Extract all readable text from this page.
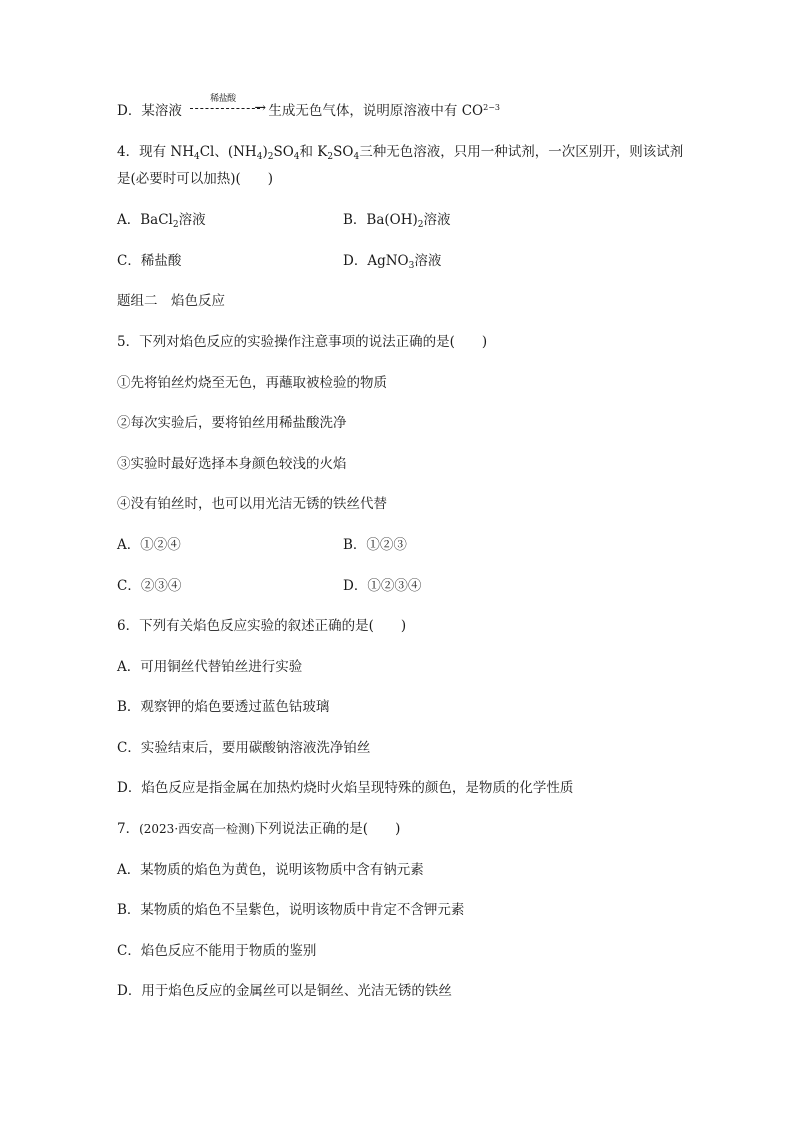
D．某溶液
稀盐酸
→ 生成无色气体，说明原溶液中有 $CO^{2-3}$
4．现有 $NH_4Cl$、$(NH_4)_2SO_4$和 $K_2SO_4$三种无色溶液，只用一种试剂，一次区别开，则该试剂
是(必要时可以加热)(　　)
A．BaCl$_2$溶液	B．$Ba(OH)_2$溶液
C．稀盐酸	D．AgNO$_3$溶液
题组二　焰色反应
5．下列对焰色反应的实验操作注意事项的说法正确的是(　　)
①先将铂丝灼烧至无色，再蘸取被检验的物质
②每次实验后，要将铂丝用稀盐酸洗净
③实验时最好选择本身颜色较浅的火焰
④没有铂丝时，也可以用光洁无锈的铁丝代替
A．①②④	B．①②③
C．②③④	D．①②③④
6．下列有关焰色反应实验的叙述正确的是(　　)
A．可用铜丝代替铂丝进行实验
B．观察钾的焰色要透过蓝色钴玻璃
C．实验结束后，要用碳酸钠溶液洗净铂丝
D．焰色反应是指金属在加热灼烧时火焰呈现特殊的颜色，是物质的化学性质
7．(2023·西安高一检测)下列说法正确的是(　　)
A．某物质的焰色为黄色，说明该物质中含有钠元素
B．某物质的焰色不呈紫色，说明该物质中肯定不含钾元素
C．焰色反应不能用于物质的鉴别
D．用于焰色反应的金属丝可以是铜丝、光洁无锈的铁丝
